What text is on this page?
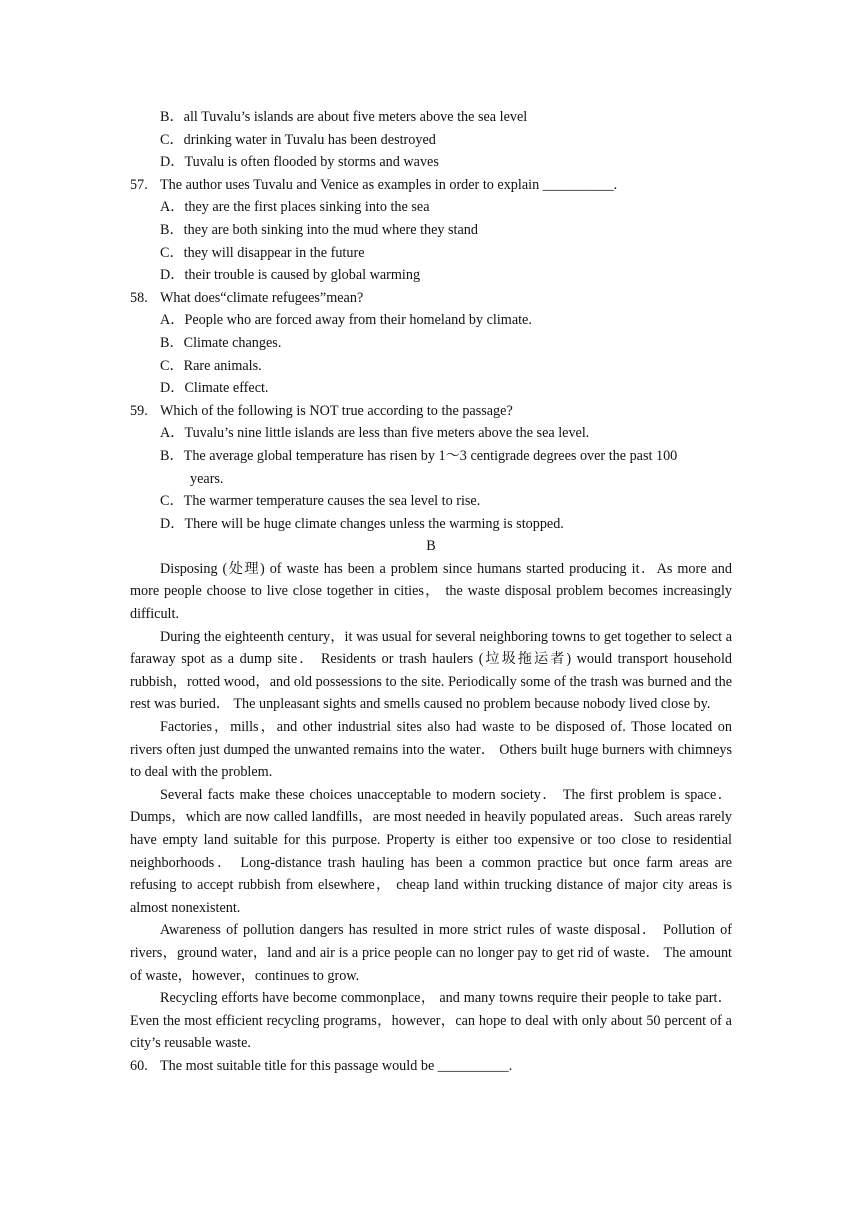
B．all Tuvalu’s islands are about five meters above the sea level
C．drinking water in Tuvalu has been destroyed
D．Tuvalu is often flooded by storms and waves
57. The author uses Tuvalu and Venice as examples in order to explain __________.
A．they are the first places sinking into the sea
B．they are both sinking into the mud where they stand
C．they will disappear in the future
D．their trouble is caused by global warming
58. What does“climate refugees”mean?
A．People who are forced away from their homeland by climate.
B．Climate changes.
C．Rare animals.
D．Climate effect.
59. Which of the following is NOT true according to the passage?
A．Tuvalu’s nine little islands are less than five meters above the sea level.
B．The average global temperature has risen by 1～3 centigrade degrees over the past 100
years.
C．The warmer temperature causes the sea level to rise.
D．There will be huge climate changes unless the warming is stopped.
B

Disposing (处理) of waste has been a problem since humans started producing it．As more and more people choose to live close together in cities， the waste disposal problem becomes increasingly difficult.

During the eighteenth century，it was usual for several neighboring towns to get together to select a faraway spot as a dump site． Residents or trash haulers (垃圾拖运者) would transport household rubbish，rotted wood，and old possessions to the site. Periodically some of the trash was burned and the rest was buried． The unpleasant sights and smells caused no problem because nobody lived close by.

Factories，mills，and other industrial sites also had waste to be disposed of. Those located on rivers often just dumped the unwanted remains into the water． Others built huge burners with chimneys to deal with the problem.

Several facts make these choices unacceptable to modern society． The first problem is space．Dumps，which are now called landfills，are most needed in heavily populated areas．Such areas rarely have empty land suitable for this purpose. Property is either too expensive or too close to residential neighborhoods． Long-distance trash hauling has been a common practice but once farm areas are refusing to accept rubbish from elsewhere， cheap land within trucking distance of major city areas is almost nonexistent.

Awareness of pollution dangers has resulted in more strict rules of waste disposal． Pollution of rivers，ground water，land and air is a price people can no longer pay to get rid of waste． The amount of waste，however，continues to grow.

Recycling efforts have become commonplace， and many towns require their people to take part． Even the most efficient recycling programs，however，can hope to deal with only about 50 percent of a city’s reusable waste.

60. The most suitable title for this passage would be __________.
